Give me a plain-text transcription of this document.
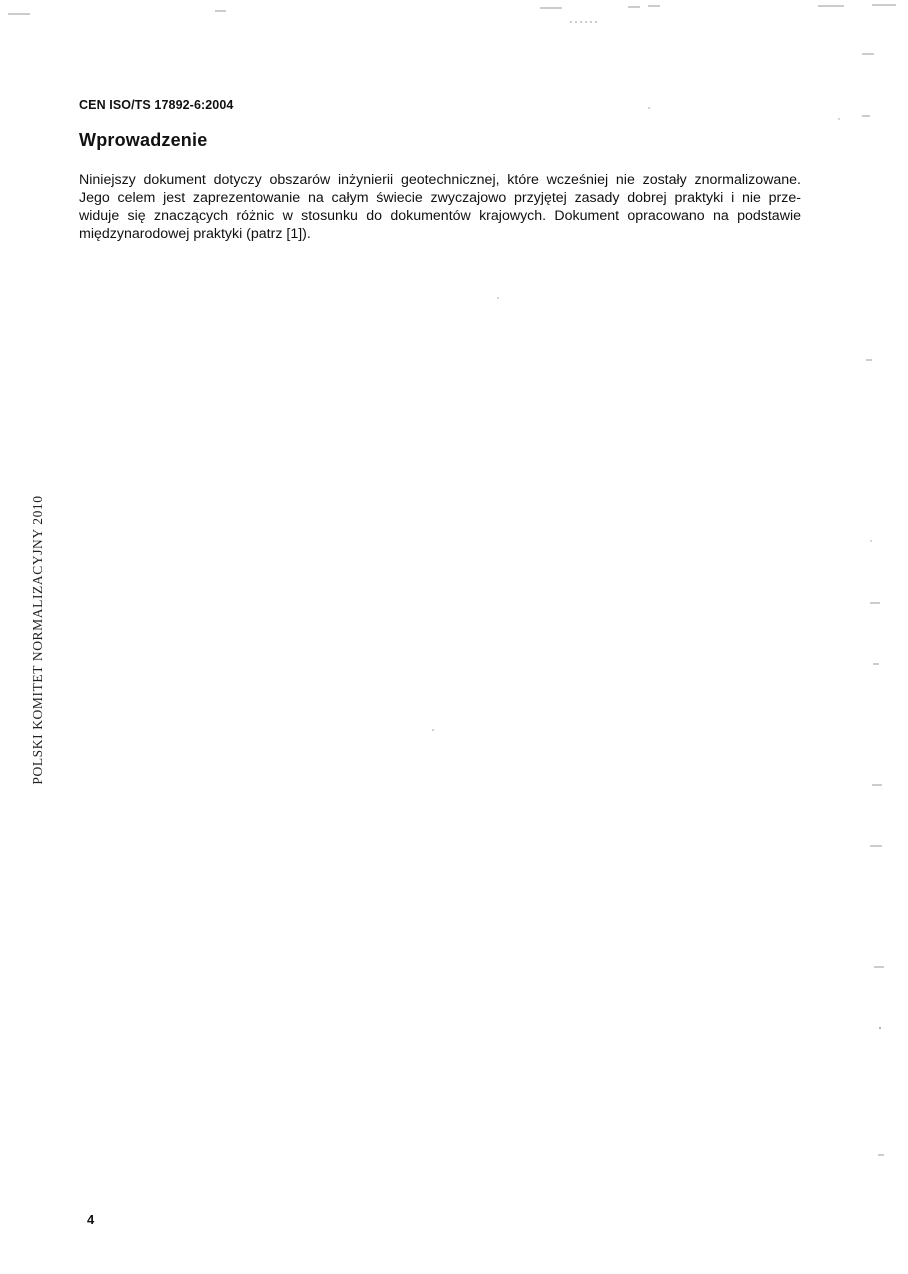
CEN ISO/TS 17892-6:2004
Wprowadzenie
Niniejszy dokument dotyczy obszarów inżynierii geotechnicznej, które wcześniej nie zostały znormalizowane.
Jego celem jest zaprezentowanie na całym świecie zwyczajowo przyjętej zasady dobrej praktyki i nie prze-
widuje się znaczących różnic w stosunku do dokumentów krajowych. Dokument opracowano na podstawie
międzynarodowej praktyki (patrz [1]).
POLSKI KOMITET NORMALIZACYJNY 2010
4
